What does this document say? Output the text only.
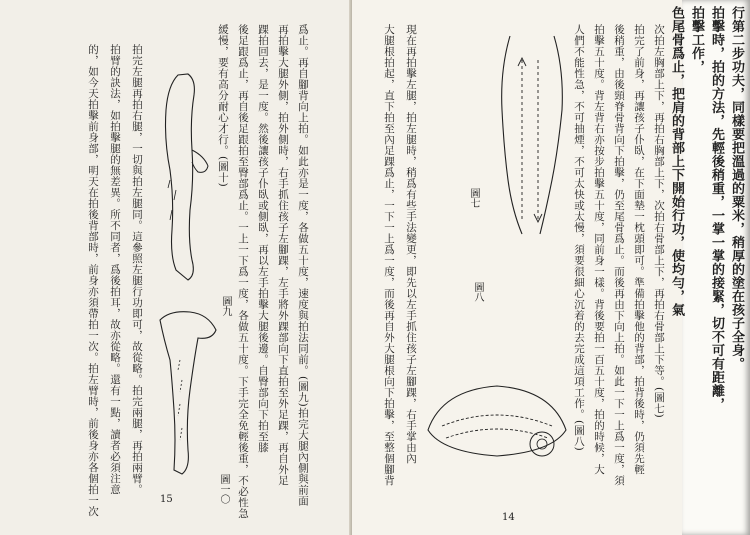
爲止。再自腳背向上拍。如此亦是一度，各做五十度，速度與拍法同前。(圖九)拍完大腿內側與前面
再拍擊大腿外側，拍外側時，右手抓住孩子左腳踝，左手將外踝部向下直拍至外足踝，再自外足
踝拍回去，是一度。然後讓孩子仆臥或側臥，再以左手拍擊大腿後邊。自臀部向下拍至膝
後足跟爲止，再自後足跟拍至臀部爲止。一上一下爲一度，各做五十度。下手完全免輕後重，不必性急
緩慢，要有高分耐心才行。(圖十)
拍完左腿再拍右腿，一切與拍左腿同。這參照左腿行功即可，故從略。拍完兩腿，再拍兩臂。
拍臂的訣法，如拍擊腿的無差異。所不同者，爲後拍耳，故亦從略。還有一點，讀者必須注意
的，如今天拍擊前身部，明天在拍後背部時，前身亦須帶拍一次。拍左臂時，前後身亦各個拍一次	圖九
圖一〇
15
次拍左胸部上下，再拍右胸部上下，次拍右骨部上下，再拍右骨部上下等。(圖七)
拍完了前身，再讓孩子仆臥，在下面墊一枕頭即可。準備拍擊他的背部，拍背後時，仍須先輕
後稍重，由後頸脊骨背向下拍擊，仍至尾骨爲止。而後再由下向上拍。如此一下一上爲一度，須
拍擊五十度。背左背右亦按步拍擊五十度，同前身一樣。背後要拍一百五十度，拍的時候，大
人們不能性急，不可抽煙，不可太快或太慢，須要很細心沉着的去完成這項工作。(圖八)
圖七
現在再拍擊左腿，拍左腿時，稍爲有些手法變更，即先以左手抓住孩子左腳踝，右手掌由內
大腿根拍起，直下拍至內足踝爲止，一下一上爲一度，而後再自外大腿根向下拍擊，至整個腳背	圖八
14
行第二步功夫，同樣要把溫過的粟米，稍厚的塗在孩子全身。
拍擊時，拍的方法，先輕後稍重，一掌一掌的接緊，切不可有距離，
拍擊工作，
色尾骨爲止，把肩的背部上下開始行功，使均勻，氣
